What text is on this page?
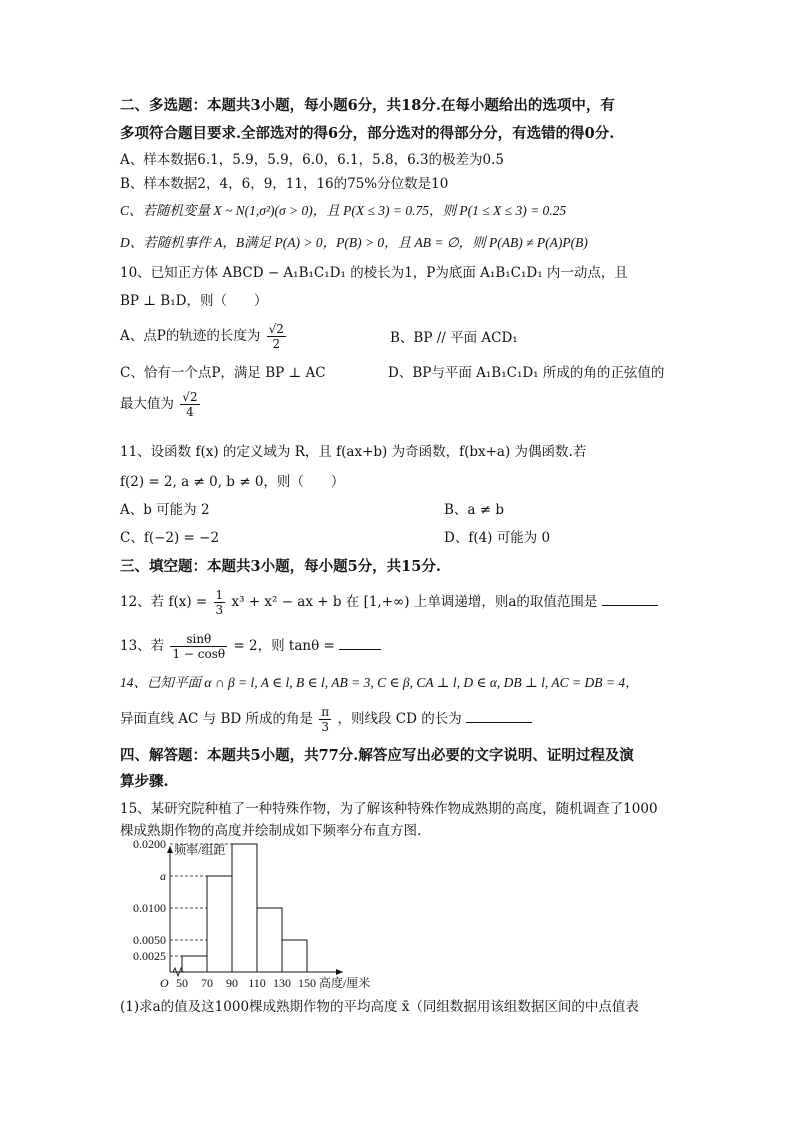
二、多选题：本题共3小题，每小题6分，共18分.在每小题给出的选项中，有
多项符合题目要求.全部选对的得6分，部分选对的得部分分，有选错的得0分.
A、样本数据6.1，5.9，5.9，6.0，6.1，5.8，6.3的极差为0.5
B、样本数据2，4，6，9，11，16的75%分位数是10
C、若随机变量 X ~ N(1,σ²)(σ > 0)，且 P(X ≤ 3) = 0.75，则 P(1 ≤ X ≤ 3) = 0.25
D、若随机事件 A，B满足 P(A) > 0，P(B) > 0，且 AB = ∅，则 P(AB) ≠ P(A)P(B)
10、已知正方体 ABCD − A₁B₁C₁D₁ 的棱长为1，P为底面 A₁B₁C₁D₁ 内一动点，且
BP ⊥ B₁D，则（　　）
A、点P的轨迹的长度为 $\frac{√2}{2}$	B、BP // 平面 ACD₁
C、恰有一个点P，满足 BP ⊥ AC	D、BP与平面 A₁B₁C₁D₁ 所成的角的正弦值的
最大值为 $\frac{√2}{4}$
11、设函数 f(x) 的定义域为 R，且 f(ax+b) 为奇函数，f(bx+a) 为偶函数.若
f(2) = 2, a ≠ 0, b ≠ 0，则（　　）
A、b 可能为 2	B、a ≠ b
C、f(−2) = −2	D、f(4) 可能为 0
三、填空题：本题共3小题，每小题5分，共15分.
12、若 $f(x) = \frac{1}{3} x^3 + x^2$ − ax + b 在 [1,+∞) 上单调递增，则a的取值范围是
13、若 $\frac{\sin\theta}{1 - \cos\theta} = 2$，则 tanθ =
14、已知平面 α ∩ β = l, A ∈ l, B ∈ l, AB = 3, C ∈ β, CA ⊥ l, D ∈ α, DB ⊥ l, AC = DB = 4，
异面直线 AC 与 BD 所成的角是 $\frac{\pi}{3}$ ，则线段 CD 的长为
四、解答题：本题共5小题，共77分.解答应写出必要的文字说明、证明过程及演
算步骤.
15、某研究院种植了一种特殊作物，为了解该种特殊作物成熟期的高度，随机调查了1000
棵成熟期作物的高度并绘制成如下频率分布直方图.
0.0025
a
0.0200
0.0100
0.0050
50 70 90 110 130 150 高度/厘米
频率/组距
O
(1)求a的值及这1000棵成熟期作物的平均高度 x̄（同组数据用该组数据区间的中点值表
